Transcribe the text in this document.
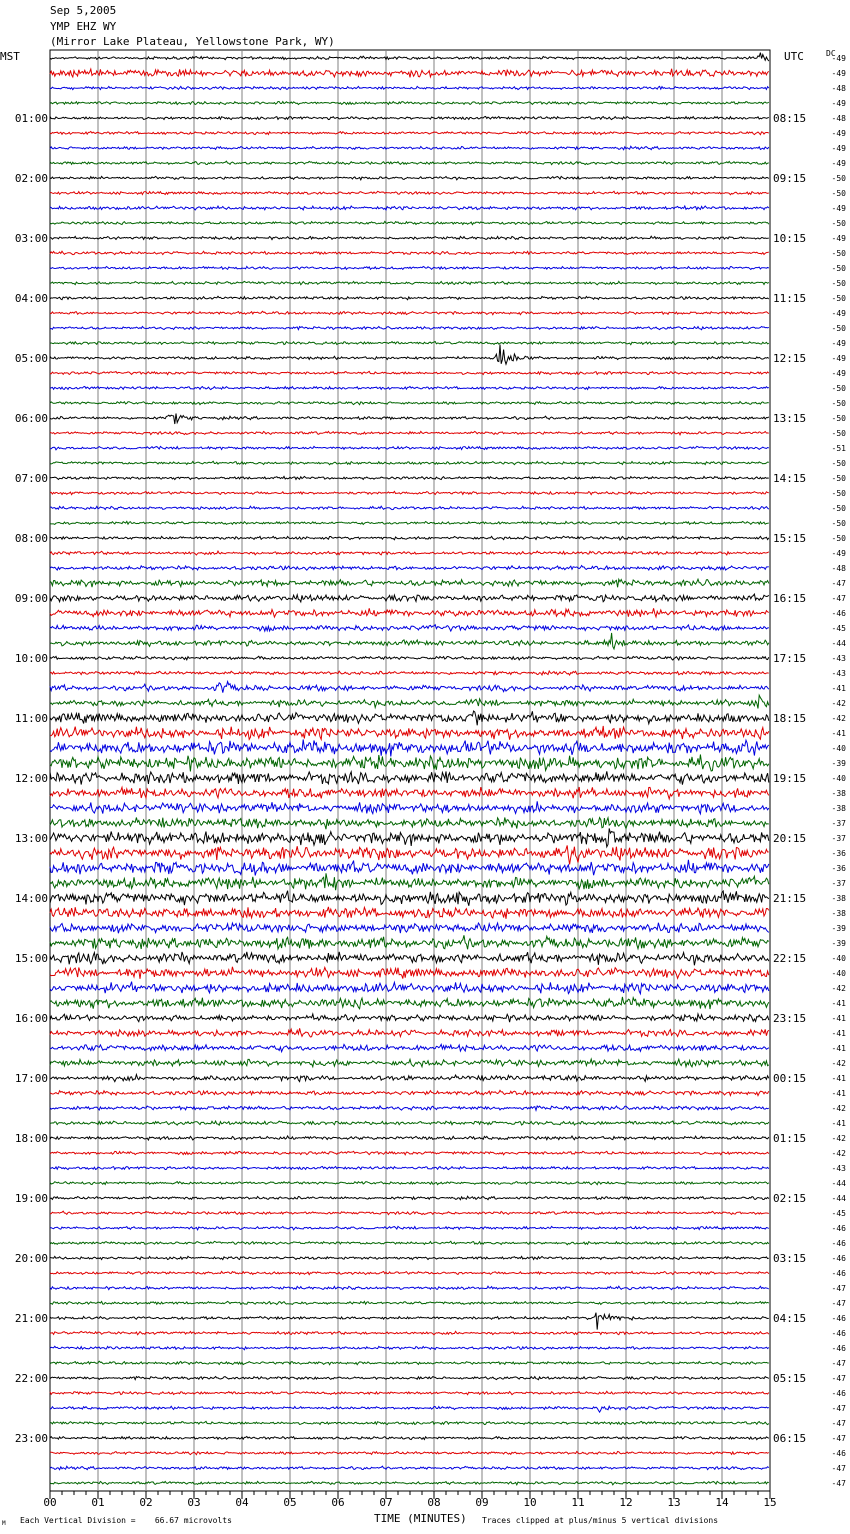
Sep 5,2005
YMP EHZ WY
(Mirror Lake Plateau, Yellowstone Park, WY)
MST	UTC	DC
00	01	02	03	04	05	06	07	08	09	10	11	12	13	14	15
-49
-49
-48
-49
-48
-49
-49
-49
-50
-50
-49
-50
-49
-50
-50
-50
-50
-49
-50
-49
-49
-49
-50
-50
-50
-50
-51
-50
-50
-50
-50
-50
-50
-49
-48
-47
-47
-46
-45
-44
-43
-43
-41
-42
-42
-41
-40
-39
-40
-38
-38
-37
-37
-36
-36
-37
-38
-38
-39
-39
-40
-40
-42
-41
-41
-41
-41
-42
-41
-41
-42
-41
-42
-42
-43
-44
-44
-45
-46
-46
-46
-46
-47
-47
-46
-46
-46
-47
-47
-46
-47
-47
-47
-46
-47
-47
01:00
02:00
03:00
04:00
05:00
06:00
07:00
08:00
09:00
10:00
11:00
12:00
13:00
14:00
15:00
16:00
17:00
18:00
19:00
20:00
21:00
22:00
23:00
08:15
09:15
10:15
11:15
12:15
13:15
14:15
15:15
16:15
17:15
18:15
19:15
20:15
21:15
22:15
23:15
00:15
01:15
02:15
03:15
04:15
05:15
06:15
M Each Vertical Division =    66.67 microvolts	TIME (MINUTES) Traces clipped at plus/minus 5 vertical divisions
